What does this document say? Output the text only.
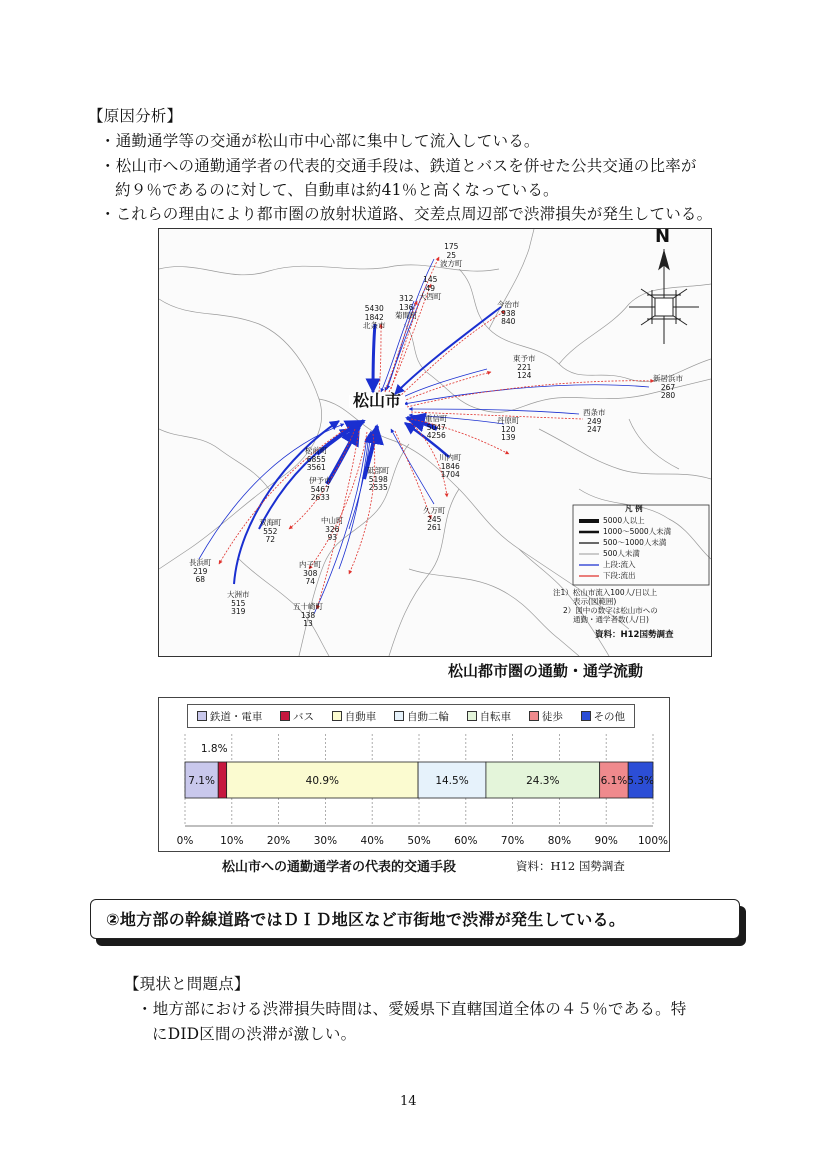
【原因分析】
・通勤通学等の交通が松山市中心部に集中して流入している。
・松山市への通勤通学者の代表的交通手段は、鉄道とバスを併せた公共交通の比率が
約９％であるのに対して、自動車は約41％と高くなっている。
・これらの理由により都市圏の放射状道路、交差点周辺部で渋滞損失が発生している。
N
松山市
175
25
波方町
145
49
大西町
312
136
菊間町
5430
1842
北条市
今治市
938
840
東予市
221
124	新居浜市
267
280
西条市
249
247
丹原町
120
139
重信町
5047
4256
川内町
1846
1704
松前町
6855
3561	砥部町
5198
2535
伊予市
5467
2633
久万町
245
261
双海町
552
72
中山町
326
93
長浜町
219
68
内子町
308
74
大洲市
515
319
五十崎町
138
13
凡 例
5000人以上
1000～5000人未満
500～1000人未満
500人未満
上段:流入
下段:流出
注1）松山市流入100人/日以上
表示(図範囲)
2）図中の数字は松山市への
通勤・通学者数(人/日)
資料：H12国勢調査
松山都市圏の通勤・通学流動
鉄道・電車	バス	自動車	自動二輪	自転車	徒歩	その他
0%	10% 20% 30% 40% 50% 60% 70% 80% 90% 100%
7.1%
1.8%
40.9%	14.5%	24.3%	6.1% 5.3%
松山市への通勤通学者の代表的交通手段	資料：H12 国勢調査
②地方部の幹線道路ではＤＩＤ地区など市街地で渋滞が発生している。
【現状と問題点】
・地方部における渋滞損失時間は、愛媛県下直轄国道全体の４５％である。特
にDID区間の渋滞が激しい。
14
